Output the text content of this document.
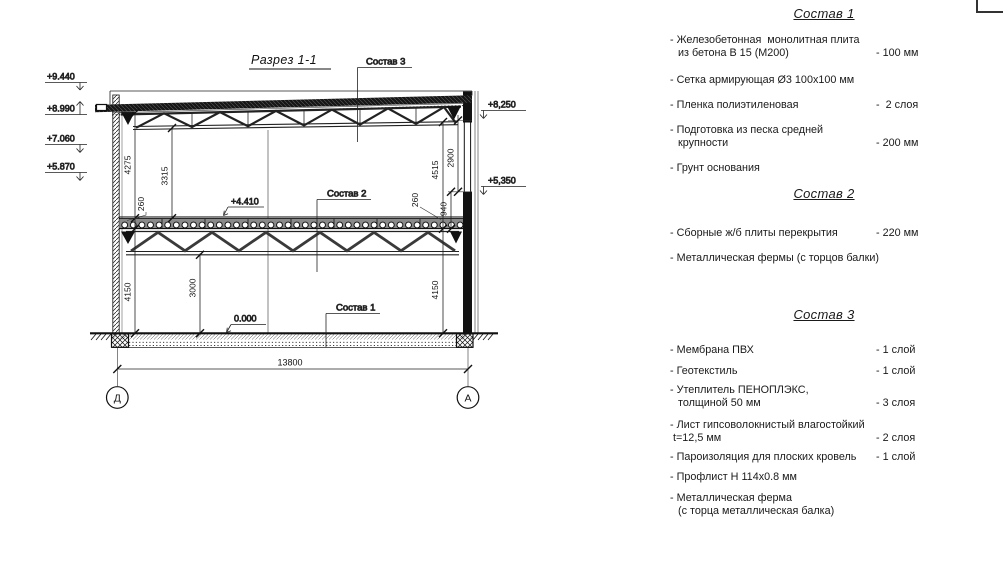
4275
3315
260
4150	3000
4515
2900
260
940
4150
+9.440
+8.990
+7.060
+5.870
+8,250
+5,350
+4.410
0.000
Состав 3
Состав 2
Состав 1
Разрез 1-1
13800
Д	А
Состав 1
- Железобетонная  монолитная плита
из бетона В 15 (М200)	- 100 мм
- Сетка армирующая Ø3 100х100 мм
- Пленка полиэтиленовая	-  2 слоя
- Подготовка из песка средней
крупности	- 200 мм
- Грунт основания
Состав 2
- Сборные ж/б плиты перекрытия	- 220 мм
- Металлическая фермы (с торцов балки)
Состав 3
- Мембрана ПВХ	- 1 слой
- Геотекстиль	- 1 слой
- Утеплитель ПЕНОПЛЭКС,
толщиной 50 мм	- 3 слоя
- Лист гипсоволокнистый влагостойкий
t=12,5 мм	- 2 слоя
- Пароизоляция для плоских кровель	- 1 слой
- Профлист Н 114х0.8 мм
- Металлическая ферма
(с торца металлическая балка)
